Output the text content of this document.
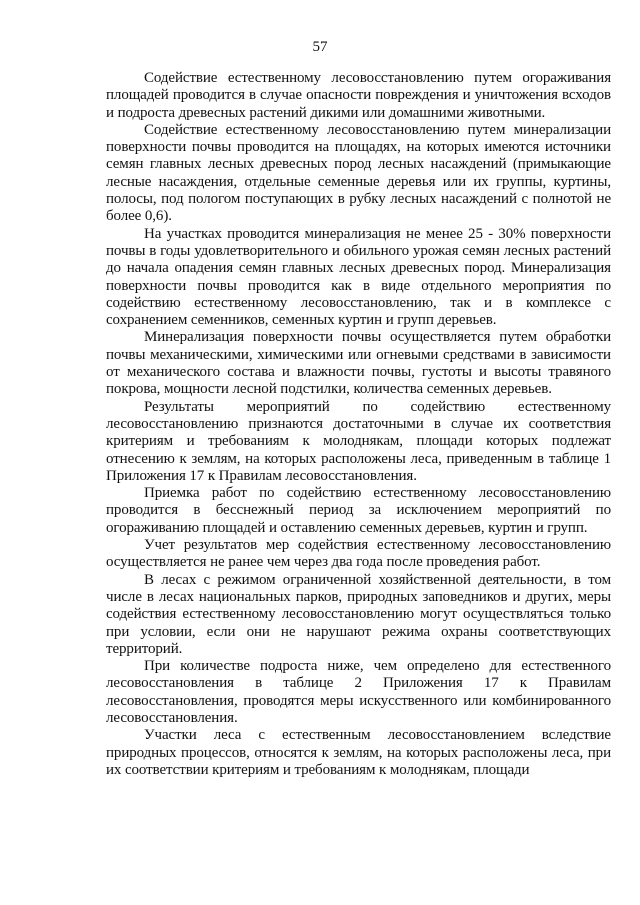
57

Содействие естественному лесовосстановлению путем огораживания площадей проводится в случае опасности повреждения и уничтожения всходов и подроста древесных растений дикими или домашними животными.

Содействие естественному лесовосстановлению путем минерализации поверхности почвы проводится на площадях, на которых имеются источники семян главных лесных древесных пород лесных насаждений (примыкающие лесные насаждения, отдельные семенные деревья или их группы, куртины, полосы, под пологом поступающих в рубку лесных насаждений с полнотой не более 0,6).

На участках проводится минерализация не менее 25 - 30% поверхности почвы в годы удовлетворительного и обильного урожая семян лесных растений до начала опадения семян главных лесных древесных пород. Минерализация поверхности почвы проводится как в виде отдельного мероприятия по содействию естественному лесовосстановлению, так и в комплексе с сохранением семенников, семенных куртин и групп деревьев.

Минерализация поверхности почвы осуществляется путем обработки почвы механическими, химическими или огневыми средствами в зависимости от механического состава и влажности почвы, густоты и высоты травяного покрова, мощности лесной подстилки, количества семенных деревьев.

Результаты мероприятий по содействию естественному лесовосстановлению признаются достаточными в случае их соответствия критериям и требованиям к молоднякам, площади которых подлежат отнесению к землям, на которых расположены леса, приведенным в таблице 1 Приложения 17 к Правилам лесовосстановления.

Приемка работ по содействию естественному лесовосстановлению проводится в бесснежный период за исключением мероприятий по огораживанию площадей и оставлению семенных деревьев, куртин и групп.

Учет результатов мер содействия естественному лесовосстановлению осуществляется не ранее чем через два года после проведения работ.

В лесах с режимом ограниченной хозяйственной деятельности, в том числе в лесах национальных парков, природных заповедников и других, меры содействия естественному лесовосстановлению могут осуществляться только при условии, если они не нарушают режима охраны соответствующих территорий.

При количестве подроста ниже, чем определено для естественного лесовосстановления в таблице 2 Приложения 17 к Правилам лесовосстановления, проводятся меры искусственного или комбинированного лесовосстановления.

Участки леса с естественным лесовосстановлением вследствие природных процессов, относятся к землям, на которых расположены леса, при их соответствии критериям и требованиям к молоднякам, площади
